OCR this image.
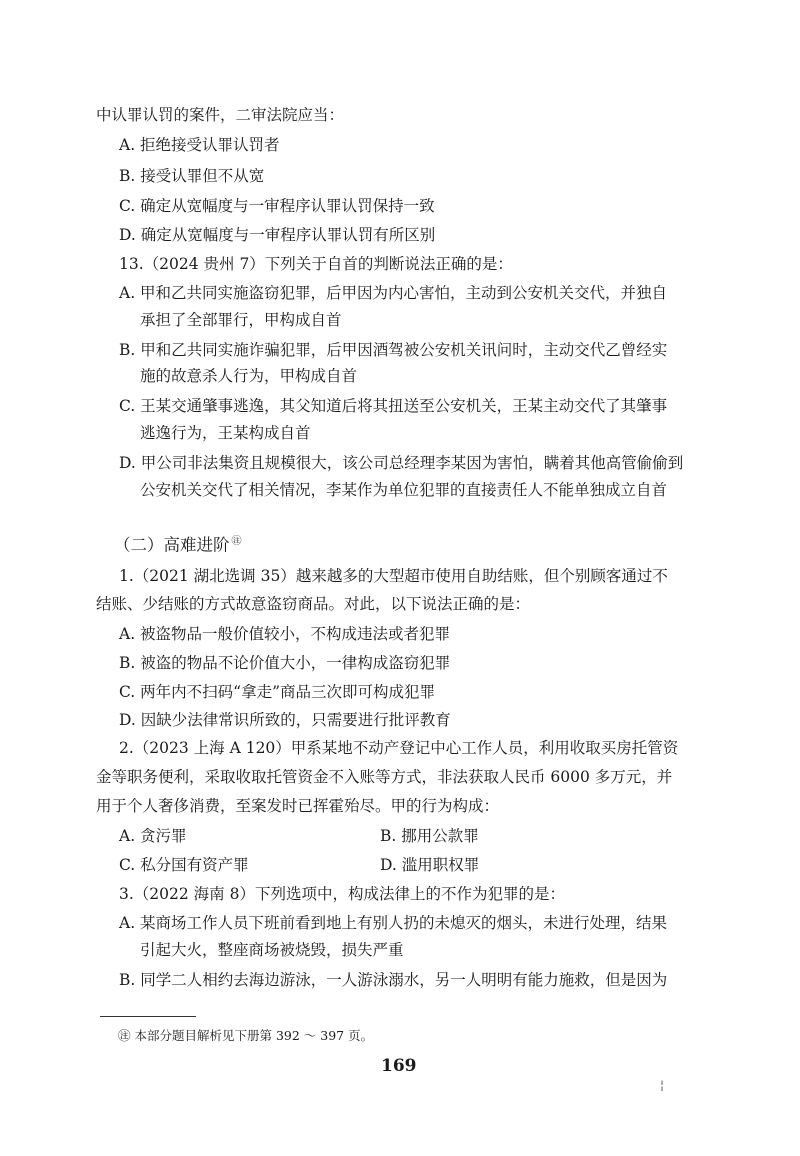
中认罪认罚的案件，二审法院应当：
A. 拒绝接受认罪认罚者
B. 接受认罪但不从宽
C. 确定从宽幅度与一审程序认罪认罚保持一致
D. 确定从宽幅度与一审程序认罪认罚有所区别
13.（2024 贵州 7）下列关于自首的判断说法正确的是：
A. 甲和乙共同实施盗窃犯罪，后甲因为内心害怕，主动到公安机关交代，并独自
承担了全部罪行，甲构成自首
B. 甲和乙共同实施诈骗犯罪，后甲因酒驾被公安机关讯问时，主动交代乙曾经实
施的故意杀人行为，甲构成自首
C. 王某交通肇事逃逸，其父知道后将其扭送至公安机关，王某主动交代了其肇事
逃逸行为，王某构成自首
D. 甲公司非法集资且规模很大，该公司总经理李某因为害怕，瞒着其他高管偷偷到
公安机关交代了相关情况，李某作为单位犯罪的直接责任人不能单独成立自首
（二）高难进阶 ㊟
1.（2021 湖北选调 35）越来越多的大型超市使用自助结账，但个别顾客通过不
结账、少结账的方式故意盗窃商品。对此，以下说法正确的是：
A. 被盗物品一般价值较小，不构成违法或者犯罪
B. 被盗的物品不论价值大小，一律构成盗窃犯罪
C. 两年内不扫码“拿走”商品三次即可构成犯罪
D. 因缺少法律常识所致的，只需要进行批评教育
2.（2023 上海 A 120）甲系某地不动产登记中心工作人员，利用收取买房托管资
金等职务便利，采取收取托管资金不入账等方式，非法获取人民币 6000 多万元，并
用于个人奢侈消费，至案发时已挥霍殆尽。甲的行为构成：
A. 贪污罪	B. 挪用公款罪
C. 私分国有资产罪	D. 滥用职权罪
3.（2022 海南 8）下列选项中，构成法律上的不作为犯罪的是：
A. 某商场工作人员下班前看到地上有别人扔的未熄灭的烟头，未进行处理，结果
引起大火，整座商场被烧毁，损失严重
B. 同学二人相约去海边游泳，一人游泳溺水，另一人明明有能力施救，但是因为
㊟ 本部分题目解析见下册第 392 ～ 397 页。
169
¦
